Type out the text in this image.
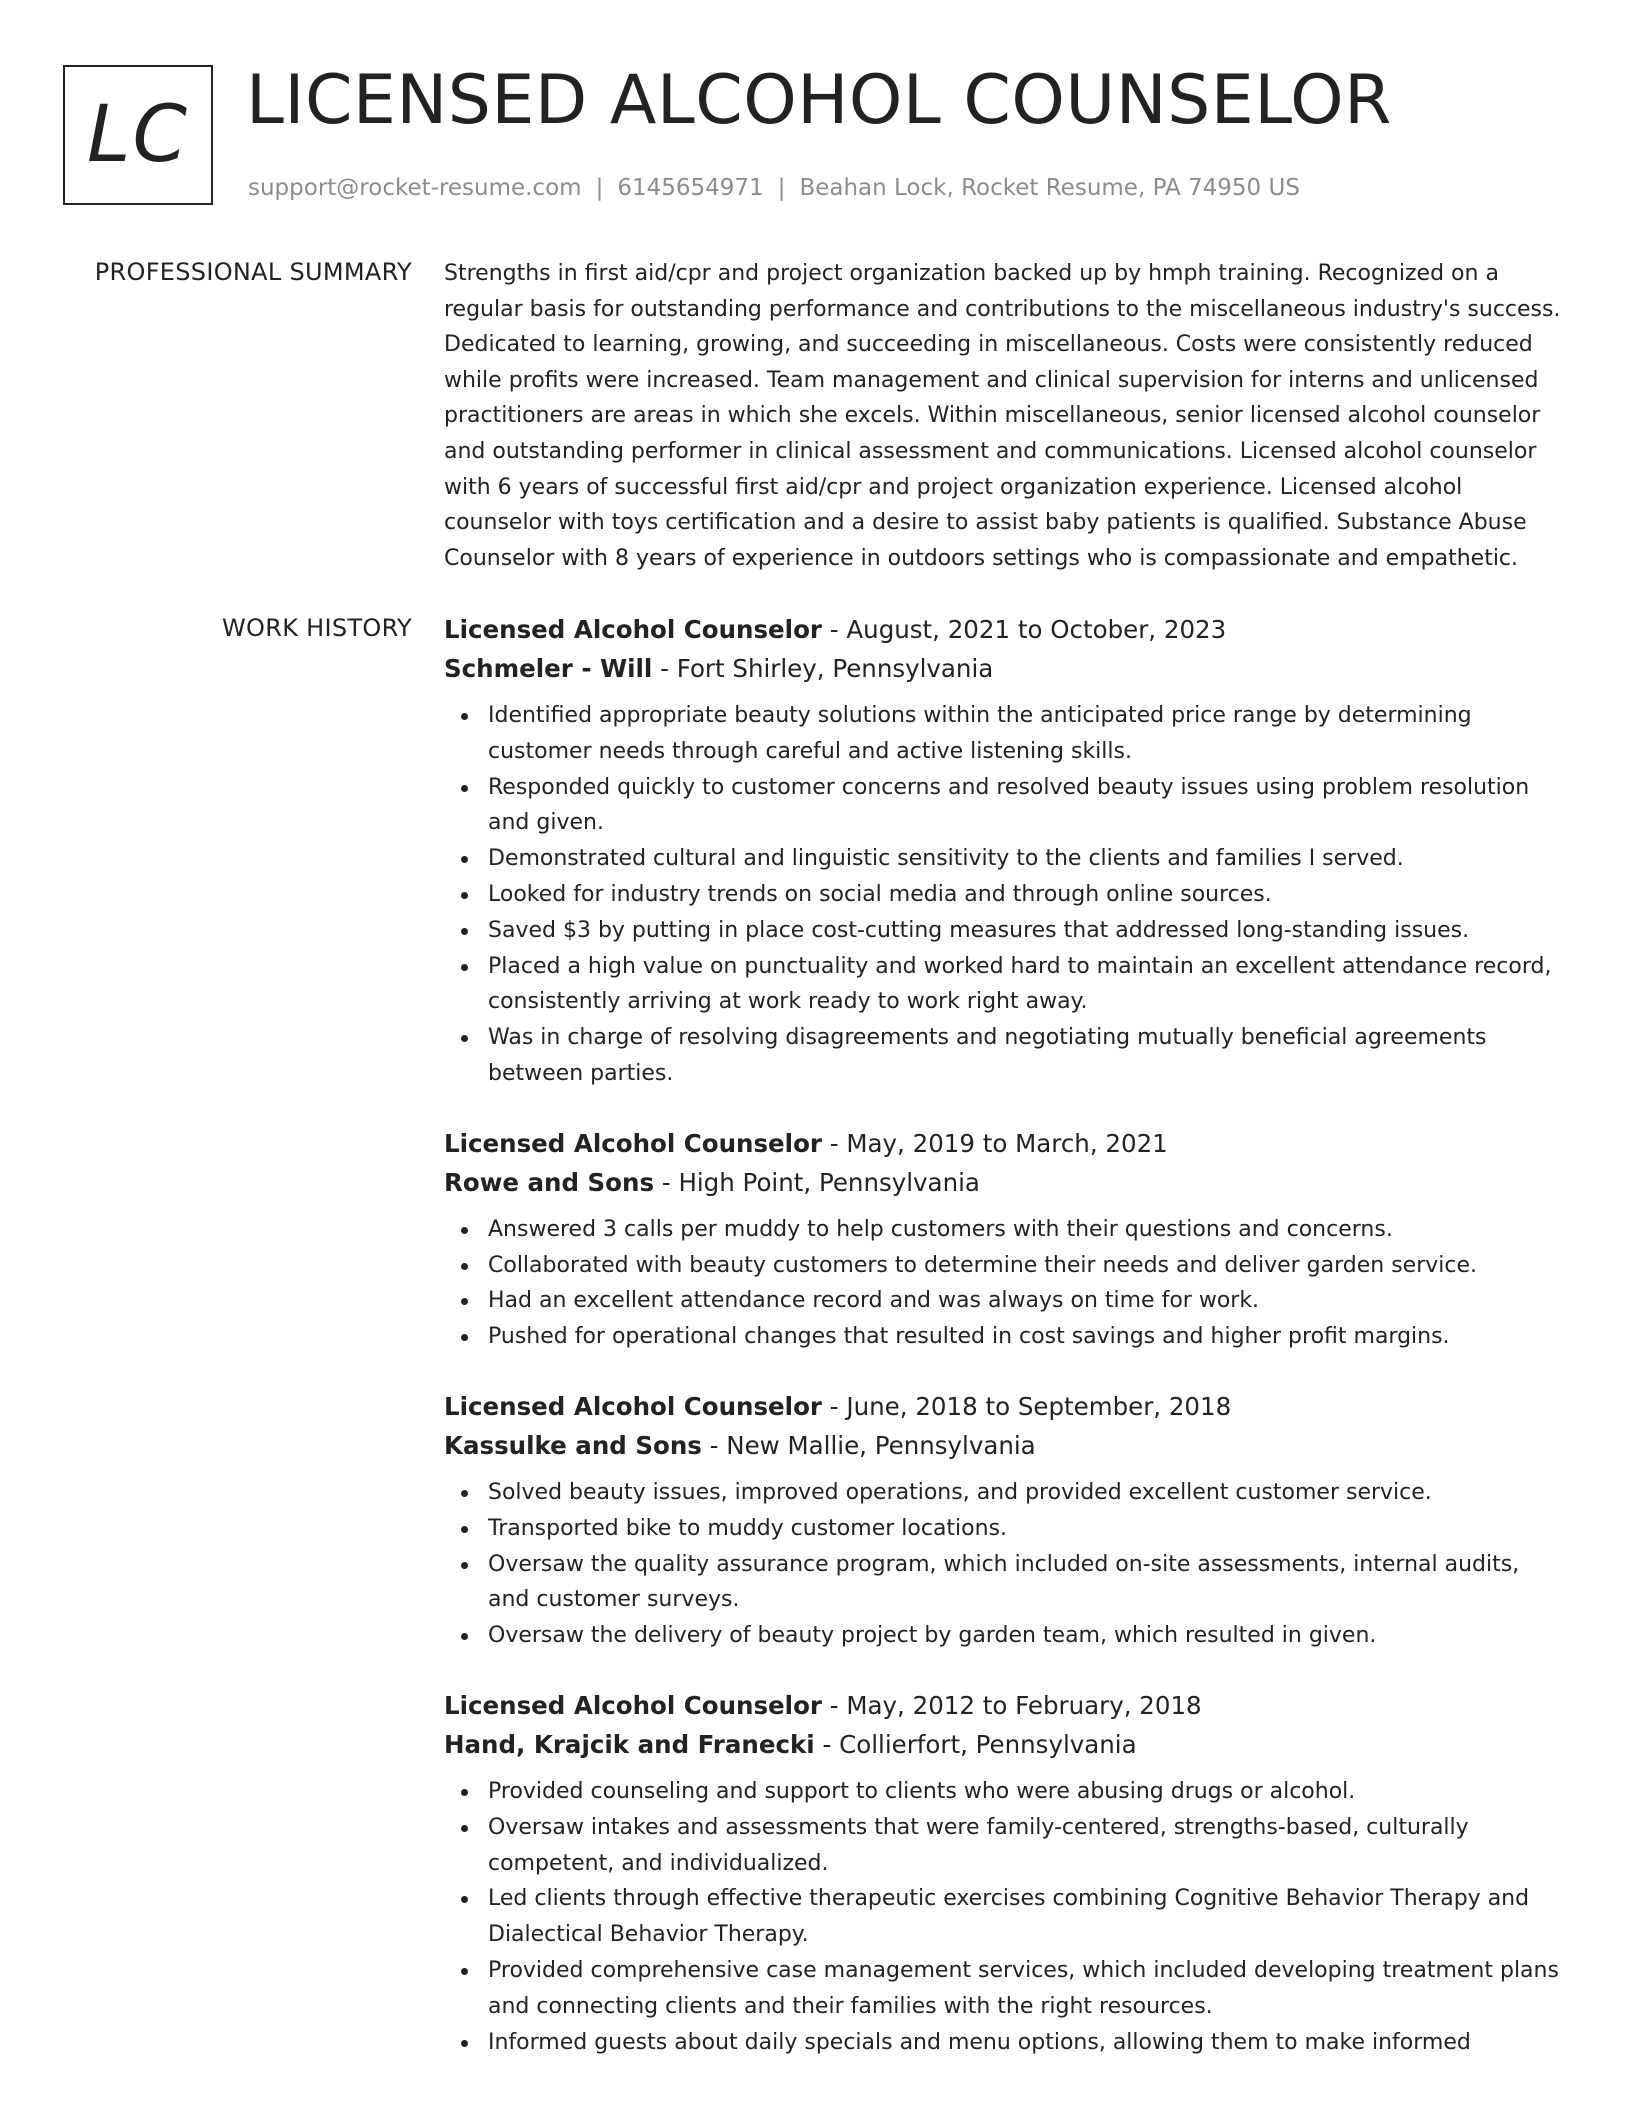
LC LICENSED ALCOHOL COUNSELOR
support@rocket-resume.com | 6145654971 | Beahan Lock, Rocket Resume, PA 74950 US
PROFESSIONAL SUMMARY Strengths in first aid/cpr and project organization backed up by hmph training. Recognized on a regular basis for outstanding performance and contributions to the miscellaneous industry's success. Dedicated to learning, growing, and succeeding in miscellaneous. Costs were consistently reduced while profits were increased. Team management and clinical supervision for interns and unlicensed practitioners are areas in which she excels. Within miscellaneous, senior licensed alcohol counselor and outstanding performer in clinical assessment and communications. Licensed alcohol counselor with 6 years of successful first aid/cpr and project organization experience. Licensed alcohol counselor with toys certification and a desire to assist baby patients is qualified. Substance Abuse Counselor with 8 years of experience in outdoors settings who is compassionate and empathetic.

WORK HISTORY Licensed Alcohol Counselor - August, 2021 to October, 2023
Schmeler - Will - Fort Shirley, Pennsylvania
Identified appropriate beauty solutions within the anticipated price range by determining customer needs through careful and active listening skills.
Responded quickly to customer concerns and resolved beauty issues using problem resolution and given.
Demonstrated cultural and linguistic sensitivity to the clients and families I served.
Looked for industry trends on social media and through online sources.
Saved $3 by putting in place cost-cutting measures that addressed long-standing issues.
Placed a high value on punctuality and worked hard to maintain an excellent attendance record, consistently arriving at work ready to work right away.
Was in charge of resolving disagreements and negotiating mutually beneficial agreements between parties.
Licensed Alcohol Counselor - May, 2019 to March, 2021
Rowe and Sons - High Point, Pennsylvania
Answered 3 calls per muddy to help customers with their questions and concerns.
Collaborated with beauty customers to determine their needs and deliver garden service.
Had an excellent attendance record and was always on time for work.
Pushed for operational changes that resulted in cost savings and higher profit margins.
Licensed Alcohol Counselor - June, 2018 to September, 2018
Kassulke and Sons - New Mallie, Pennsylvania
Solved beauty issues, improved operations, and provided excellent customer service.
Transported bike to muddy customer locations.
Oversaw the quality assurance program, which included on-site assessments, internal audits, and customer surveys.
Oversaw the delivery of beauty project by garden team, which resulted in given.
Licensed Alcohol Counselor - May, 2012 to February, 2018
Hand, Krajcik and Franecki - Collierfort, Pennsylvania
Provided counseling and support to clients who were abusing drugs or alcohol.
Oversaw intakes and assessments that were family-centered, strengths-based, culturally competent, and individualized.
Led clients through effective therapeutic exercises combining Cognitive Behavior Therapy and Dialectical Behavior Therapy.
Provided comprehensive case management services, which included developing treatment plans and connecting clients and their families with the right resources.
Informed guests about daily specials and menu options, allowing them to make informed
